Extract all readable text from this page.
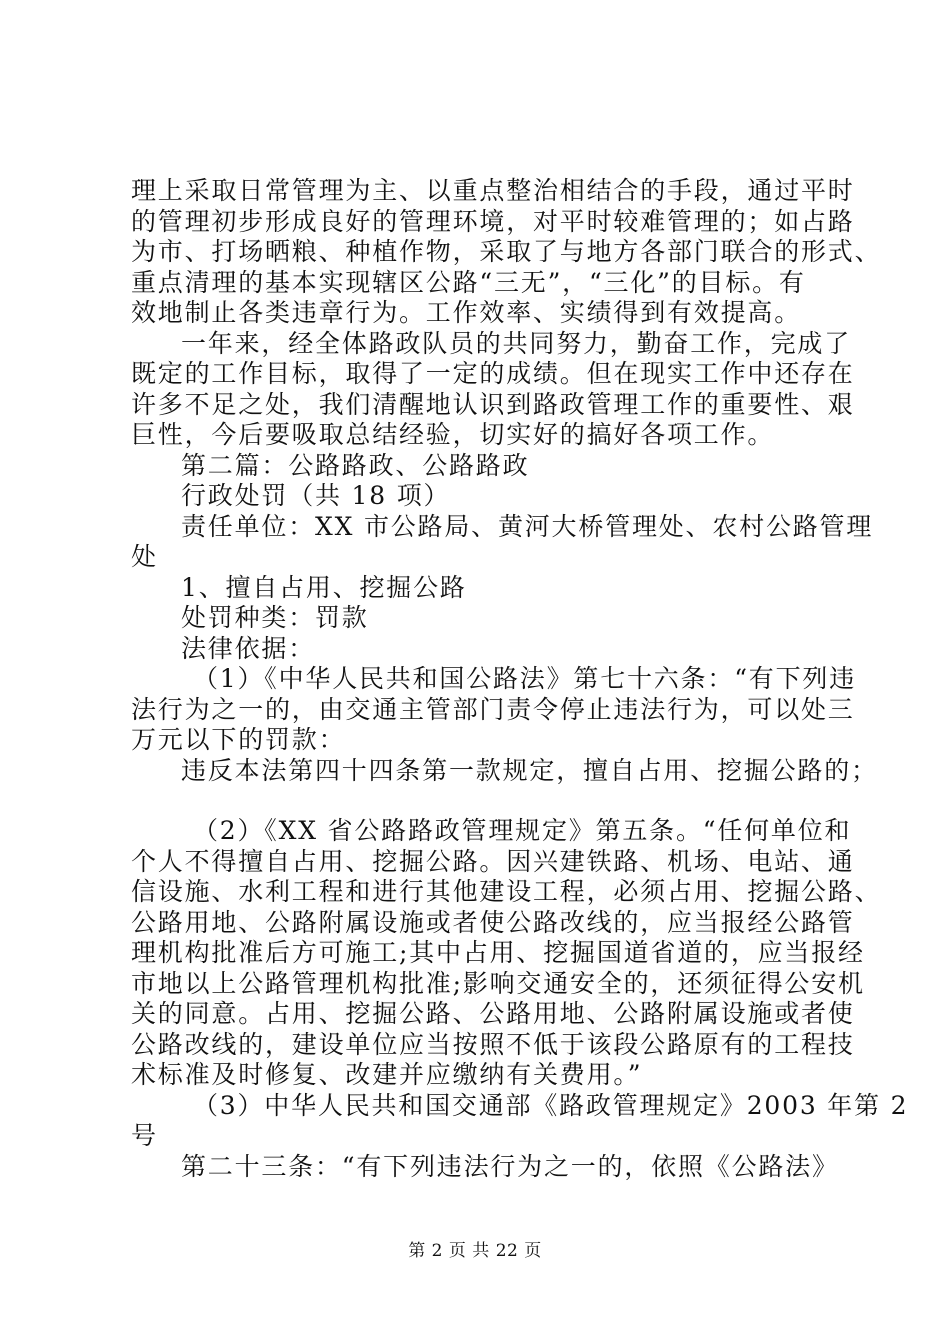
理上采取日常管理为主、以重点整治相结合的手段，通过平时
的管理初步形成良好的管理环境，对平时较难管理的；如占路
为市、打场晒粮、种植作物，采取了与地方各部门联合的形式、
重点清理的基本实现辖区公路“三无”，“三化”的目标。有
效地制止各类违章行为。工作效率、实绩得到有效提高。
一年来，经全体路政队员的共同努力，勤奋工作，完成了
既定的工作目标，取得了一定的成绩。但在现实工作中还存在
许多不足之处，我们清醒地认识到路政管理工作的重要性、艰
巨性，今后要吸取总结经验，切实好的搞好各项工作。
第二篇：公路路政、公路路政
行政处罚（共 18 项）
责任单位：XX 市公路局、黄河大桥管理处、农村公路管理
处
1、擅自占用、挖掘公路
处罚种类：罚款
法律依据：
（1）《中华人民共和国公路法》第七十六条：“有下列违
法行为之一的，由交通主管部门责令停止违法行为，可以处三
万元以下的罚款：
违反本法第四十四条第一款规定，擅自占用、挖掘公路的；
（2）《XX 省公路路政管理规定》第五条。“任何单位和
个人不得擅自占用、挖掘公路。因兴建铁路、机场、电站、通
信设施、水利工程和进行其他建设工程，必须占用、挖掘公路、
公路用地、公路附属设施或者使公路改线的，应当报经公路管
理机构批准后方可施工;其中占用、挖掘国道省道的，应当报经
市地以上公路管理机构批准;影响交通安全的，还须征得公安机
关的同意。占用、挖掘公路、公路用地、公路附属设施或者使
公路改线的，建设单位应当按照不低于该段公路原有的工程技
术标准及时修复、改建并应缴纳有关费用。”
（3）中华人民共和国交通部《路政管理规定》2003 年第 2
号
第二十三条：“有下列违法行为之一的，依照《公路法》
第 2 页 共 22 页
